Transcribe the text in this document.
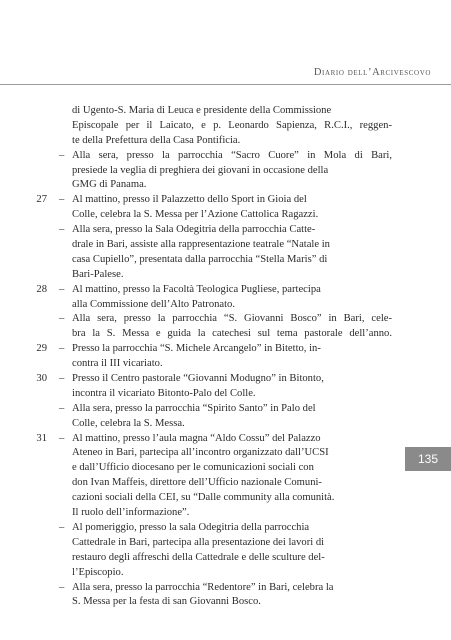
Diario dell’Arcivescovo
di Ugento-S. Maria di Leuca e presidente della Commissione
Episcopale per il Laicato, e p. Leonardo Sapienza, R.C.I., reggen-
te della Prefettura della Casa Pontificia.
– Alla sera, presso la parrocchia “Sacro Cuore” in Mola di Bari,
presiede la veglia di preghiera dei giovani in occasione della
GMG di Panama.
27 – Al mattino, presso il Palazzetto dello Sport in Gioia del
Colle, celebra la S. Messa per l’Azione Cattolica Ragazzi.
– Alla sera, presso la Sala Odegitria della parrocchia Catte-
drale in Bari, assiste alla rappresentazione teatrale “Natale in
casa Cupiello”, presentata dalla parrocchia “Stella Maris” di
Bari-Palese.
28 – Al mattino, presso la Facoltà Teologica Pugliese, partecipa
alla Commissione dell’Alto Patronato.
– Alla sera, presso la parrocchia “S. Giovanni Bosco” in Bari, cele-
bra la S. Messa e guida la catechesi sul tema pastorale dell’anno.
29 – Presso la parrocchia “S. Michele Arcangelo” in Bitetto, in-
contra il III vicariato.
30 – Presso il Centro pastorale “Giovanni Modugno” in Bitonto,
incontra il vicariato Bitonto-Palo del Colle.
– Alla sera, presso la parrocchia “Spirito Santo” in Palo del
Colle, celebra la S. Messa.
31 – Al mattino, presso l’aula magna “Aldo Cossu” del Palazzo
Ateneo in Bari, partecipa all’incontro organizzato dall’UCSI
e dall’Ufficio diocesano per le comunicazioni sociali con
don Ivan Maffeis, direttore dell’Ufficio nazionale Comuni-
cazioni sociali della CEI, su “Dalle community alla comunità.
Il ruolo dell’informazione”.
– Al pomeriggio, presso la sala Odegitria della parrocchia
Cattedrale in Bari, partecipa alla presentazione dei lavori di
restauro degli affreschi della Cattedrale e delle sculture del-
l’Episcopio.
– Alla sera, presso la parrocchia “Redentore” in Bari, celebra la
S. Messa per la festa di san Giovanni Bosco.
135
